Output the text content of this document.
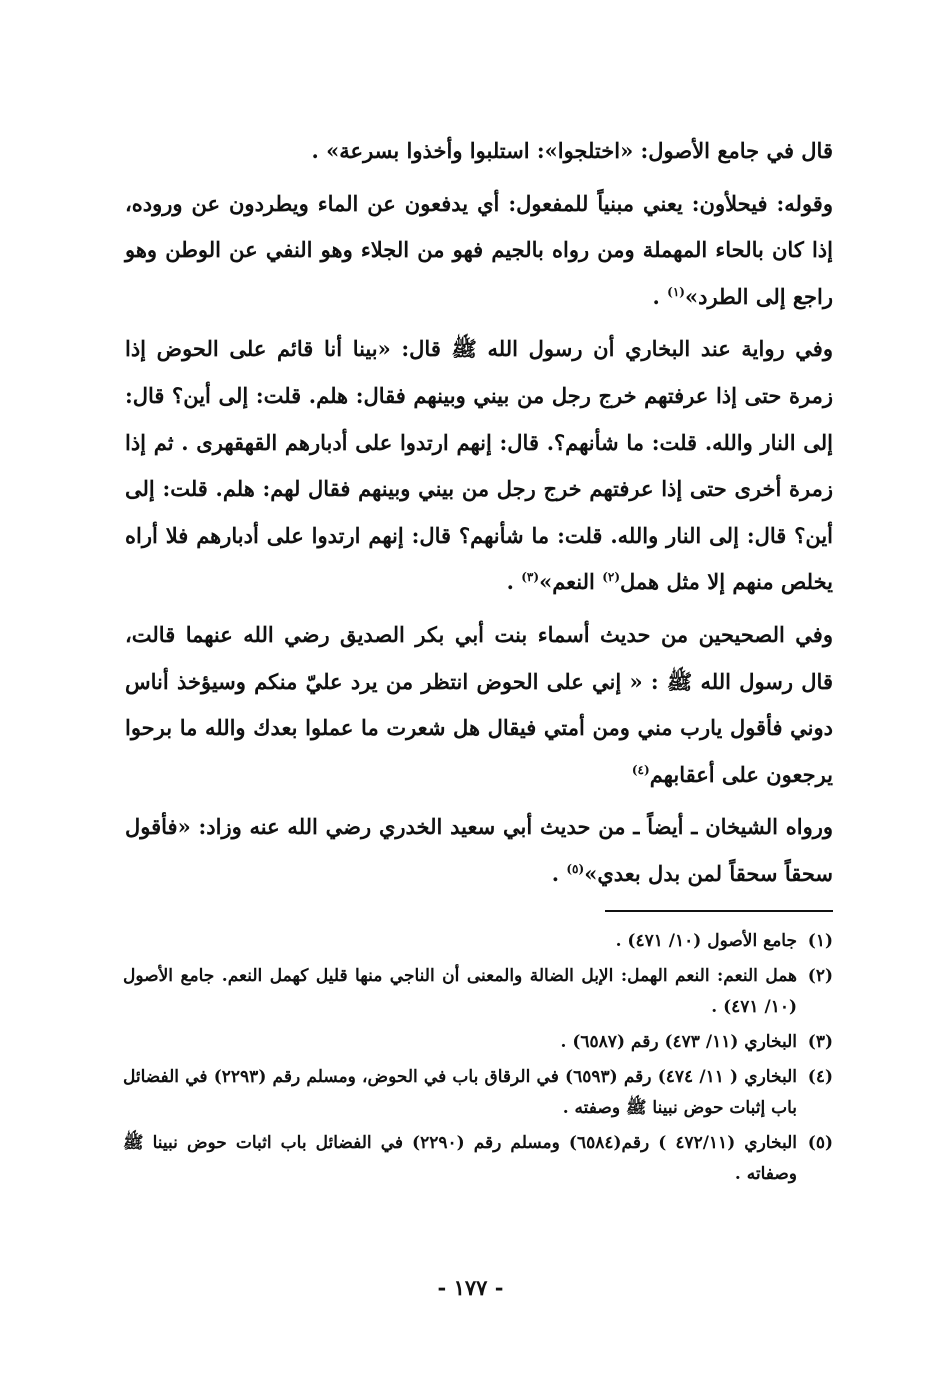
قال في جامع الأصول: «اختلجوا»: استلبوا وأخذوا بسرعة» .

وقوله: فيحلأون: يعني مبنياً للمفعول: أي يدفعون عن الماء ويطردون عن وروده، إذا كان بالحاء المهملة ومن رواه بالجيم فهو من الجلاء وهو النفي عن الوطن وهو راجع إلى الطرد»$^{(١)}$ .

وفي رواية عند البخاري أن رسول الله ﷺ قال: «بينا أنا قائم على الحوض إذا زمرة حتى إذا عرفتهم خرج رجل من بيني وبينهم فقال: هلم. قلت: إلى أين؟ قال: إلى النار والله. قلت: ما شأنهم؟. قال: إنهم ارتدوا على أدبارهم القهقهرى . ثم إذا زمرة أخرى حتى إذا عرفتهم خرج رجل من بيني وبينهم فقال لهم: هلم. قلت: إلى أين؟ قال: إلى النار والله. قلت: ما شأنهم؟ قال: إنهم ارتدوا على أدبارهم فلا أراه يخلص منهم إلا مثل همل$^{(٢)}$ النعم»$^{(٣)}$ .

وفي الصحيحين من حديث أسماء بنت أبي بكر الصديق رضي الله عنهما قالت، قال رسول الله ﷺ : « إني على الحوض انتظر من يرد عليّ منكم وسيؤخذ أناس دوني فأقول يارب مني ومن أمتي فيقال هل شعرت ما عملوا بعدك والله ما برحوا يرجعون على أعقابهم$^{(٤)}$

ورواه الشيخان ـ أيضاً ـ من حديث أبي سعيد الخدري رضي الله عنه وزاد: «فأقول سحقاً سحقاً لمن بدل بعدي»$^{(٥)}$ .

(١)
جامع الأصول (١٠/ ٤٧١) .
(٢)
همل النعم: النعم الهمل: الإبل الضالة والمعنى أن الناجي منها قليل كهمل النعم. جامع الأصول (١٠/ ٤٧١) .
(٣)
البخاري (١١/ ٤٧٣) رقم (٦٥٨٧) .
(٤)
البخاري ( ١١/ ٤٧٤) رقم (٦٥٩٣) في الرقاق باب في الحوض، ومسلم رقم (٢٢٩٣) في الفضائل باب إثبات حوض نبينا ﷺ وصفته .
(٥)
البخاري (٤٧٢/١١ ) رقم(٦٥٨٤) ومسلم رقم (٢٢٩٠) في الفضائل باب اثبات حوض نبينا ﷺ وصفاته .
- ١٧٧ -
